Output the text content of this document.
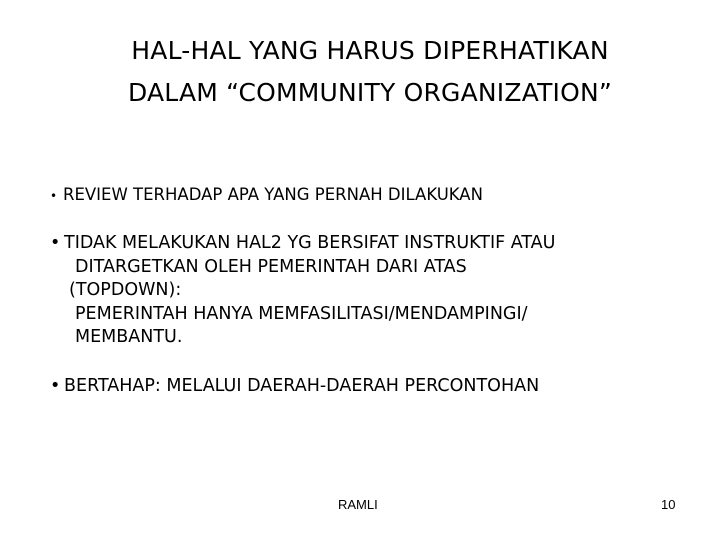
HAL-HAL YANG HARUS DIPERHATIKAN
DALAM “COMMUNITY ORGANIZATION”
• REVIEW TERHADAP APA YANG PERNAH DILAKUKAN
• TIDAK MELAKUKAN HAL2 YG BERSIFAT INSTRUKTIF ATAU
DITARGETKAN OLEH PEMERINTAH DARI ATAS
(TOPDOWN):
PEMERINTAH HANYA MEMFASILITASI/MENDAMPINGI/
MEMBANTU.
• BERTAHAP: MELALUI DAERAH-DAERAH PERCONTOHAN
RAMLI	10
